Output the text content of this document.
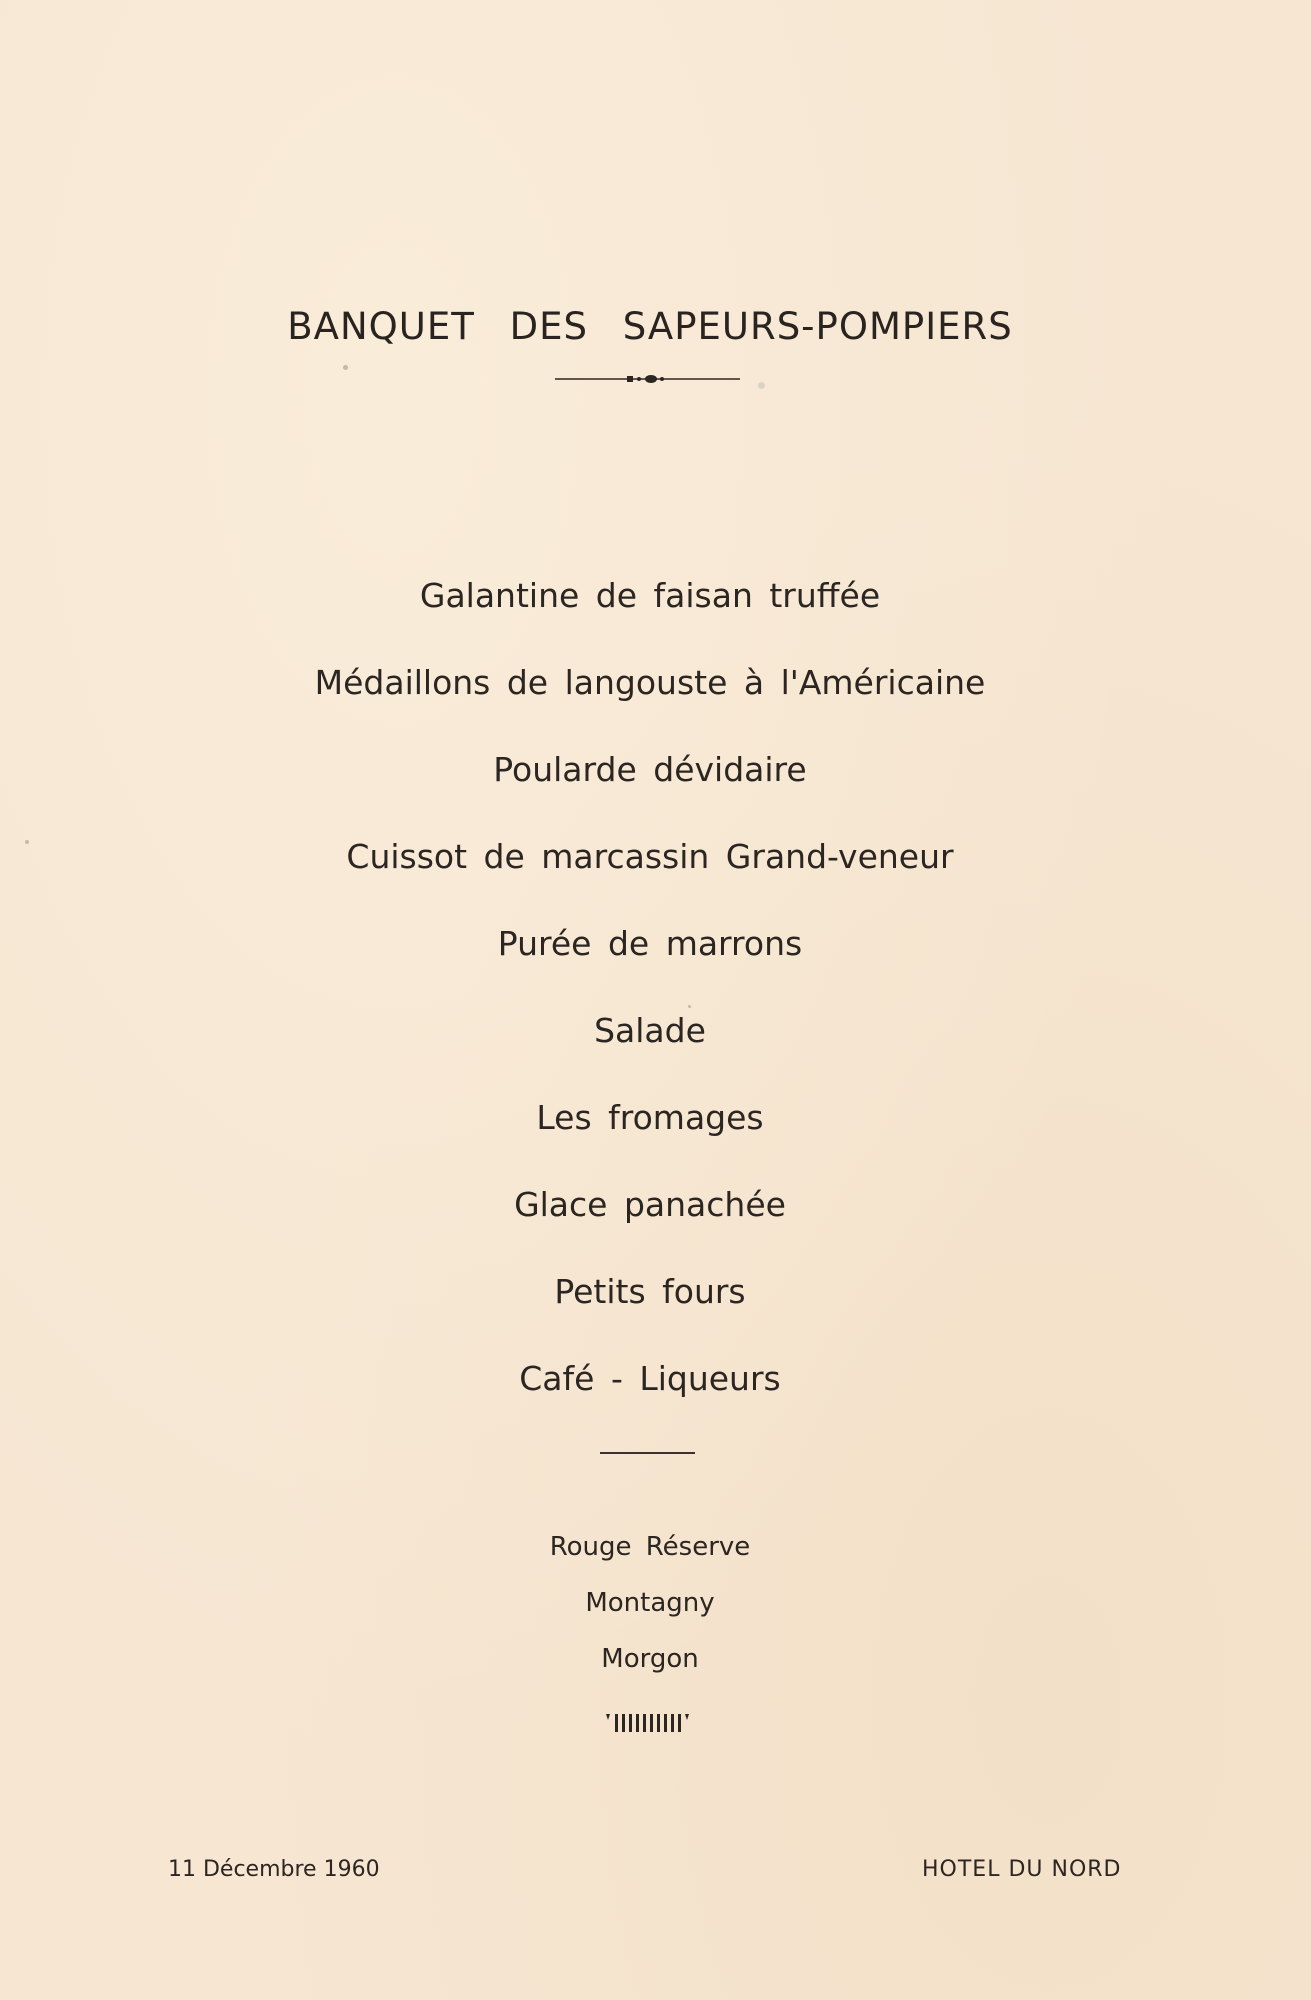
BANQUET DES SAPEURS-POMPIERS
Galantine de faisan truffée
Médaillons de langouste à l'Américaine
Poularde dévidaire
Cuissot de marcassin Grand-veneur
Purée de marrons
Salade
Les fromages
Glace panachée
Petits fours
Café - Liqueurs
Rouge Réserve
Montagny
Morgon
11 Décembre 1960	HOTEL DU NORD
